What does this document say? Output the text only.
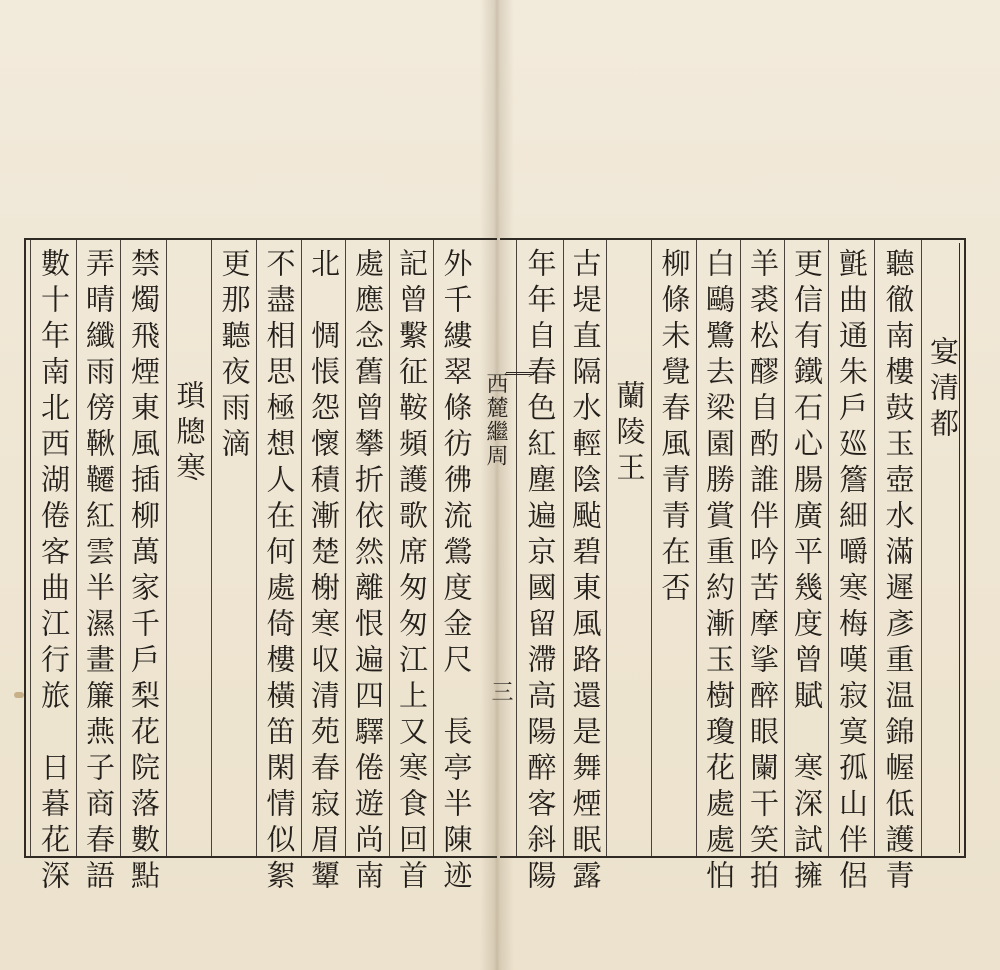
宴清都
聽徹南樓鼓玉壺水滿遲彥重温錦幄低護青
氈曲通朱戶廵簷細嚼寒梅嘆寂寞孤山伴侶
更信有鐵石心腸廣平幾度曾賦　寒深試擁
羊裘松醪自酌誰伴吟苦摩挲醉眼闌干笑拍
白鷗鷺去梁園勝賞重約漸玉樹瓊花處處怕
柳條未覺春風青青在否
蘭陵王
古堤直隔水輕陰颭碧東風路還是舞煙眠露
年年自春色紅塵遍京國留滯高陽醉客斜陽
西麓繼周
三
外千縷翠條彷彿流鶯度金尺　長亭半陳迹
記曾繫征鞍頻護歌席匆匆江上又寒食回首
處應念舊曾攀折依然離恨遍四驛倦遊尚南
北　惆悵怨懷積漸楚榭寒収清苑春寂眉顰
不盡相思極想人在何處倚樓橫笛閑情似絮
更那聽夜雨滴
瑣牕寒
禁燭飛煙東風插柳萬家千戶梨花院落數點
弄晴纖雨傍鞦韆紅雲半濕畫簾燕子商春語
數十年南北西湖倦客曲江行旅　日暮花深
